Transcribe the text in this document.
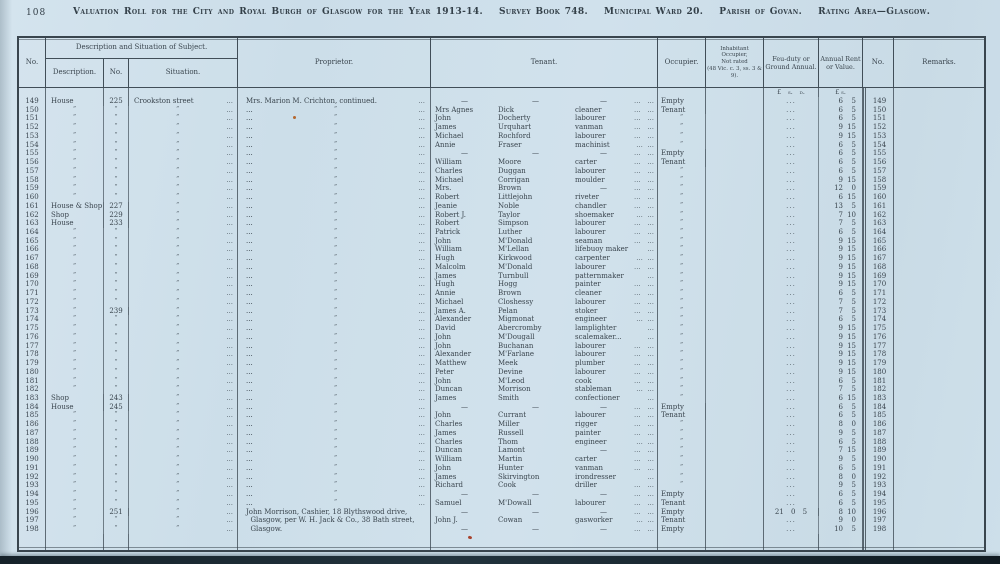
108	Valuation Roll for the City and Royal Burgh of Glasgow for the Year 1913-14. Survey Book 748. Municipal Ward 20. Parish of Govan. Rating Area—Glasgow.
No.
Description and Situation of Subject.
Description.	No.	Situation.
Proprietor.	Tenant.	Occupier.
Inhabitant Occupier,
Not rated
(48 Vic. c. 3, ss. 3 & 9).
Feu-duty or Ground Annual.
Annual Rent or Value.
No.	Remarks.
£ s. d.	£ s.
149	House	225	Crookston street	...	Mrs. Marion M. Crichton, continued.	...	—	—	—	...   ...	Empty	...	6	5	149
150	”	”	”	...	...	”	...	Mrs Agnes	Dick	cleaner	...   ...	Tenant	...	6	5	150
151	”	”	”	...	...	”	...	John	Docherty	labourer	...   ...	”	...	6	5	151
152	”	”	”	...	...	”	...	James	Urquhart	vanman	...   ...	”	...	9 15	152
153	”	”	”	...	...	”	...	Michael	Rochford	labourer	...   ...	”	...	9 15	153
154	”	”	”	...	...	”	...	Annie	Fraser	machinist	...  ...	”	...	6	5	154
155	”	”	”	...	...	”	...	—	—	—	...   ...	Empty	...	6	5	155
156	”	”	”	...	...	”	...	William	Moore	carter	...   ...	Tenant	...	6	5	156
157	”	”	”	...	...	”	...	Charles	Duggan	labourer	...   ...	”	...	6	5	157
158	”	”	”	...	...	”	...	Michael	Corrigan	moulder	...   ...	”	...	9 15	158
159	”	”	”	...	...	”	...	Mrs.	Brown	—	...   ...	”	...	12	0	159
160	”	”	”	...	...	”	...	Robert	Littlejohn	riveter	...   ...	”	...	6 15	160
161	House & Shop	227	”	...	...	”	...	Jeanie	Noble	chandler	...   ...	”	...	13	5	161
162	Shop	229	”	...	...	”	...	Robert J.	Taylor	shoemaker	...  ...	”	...	7 10	162
163	House	233	”	...	...	”	...	Robert	Simpson	labourer	...   ...	”	...	7	5	163
164	”	”	”	...	...	”	...	Patrick	Luther	labourer	...   ...	”	...	6	5	164
165	”	”	”	...	...	”	...	John	M'Donald	seaman	...   ...	”	...	9 15	165
166	”	”	”	...	...	”	...	William	M'Lellan	lifebuoy maker	...	”	...	9 15	166
167	”	”	”	...	...	”	...	Hugh	Kirkwood	carpenter	...  ...	”	...	9 15	167
168	”	”	”	...	...	”	...	Malcolm	M'Donald	labourer	...   ...	”	...	9 15	168
169	”	”	”	...	...	”	...	James	Turnbull	patternmaker	...	”	...	9 15	169
170	”	”	”	...	...	”	...	Hugh	Hogg	painter	...   ...	”	...	9 15	170
171	”	”	”	...	...	”	...	Annie	Brown	cleaner	...   ...	”	...	6	5	171
172	”	”	”	...	...	”	...	Michael	Closhessy	labourer	...   ...	”	...	7	5	172
173	”	239	”	...	...	”	...	James A.	Pelan	stoker	...   ...	”	...	7	5	173
174	”	”	”	...	...	”	...	Alexander	Migmonat	engineer	...  ...	”	...	6	5	174
175	”	”	”	...	...	”	...	David	Abercromby	lamplighter	...	”	...	9 15	175
176	”	”	”	...	...	”	...	John	M'Dougall	scalemaker...	...	”	...	9 15	176
177	”	”	”	...	...	”	...	John	Buchanan	labourer	...   ...	”	...	9 15	177
178	”	”	”	...	...	”	...	Alexander	M'Farlane	labourer	...   ...	”	...	9 15	178
179	”	”	”	...	...	”	...	Matthew	Meek	plumber	...   ...	”	...	9 15	179
180	”	”	”	...	...	”	...	Peter	Devine	labourer	...   ...	”	...	9 15	180
181	”	”	”	...	...	”	...	John	M'Leod	cook	...   ...	”	...	6	5	181
182	”	”	”	...	...	”	...	Duncan	Morrison	stableman	...  ...	”	...	7	5	182
183	Shop	243	”	...	...	”	...	James	Smith	confectioner	...	”	...	6 15	183
184	House	245	”	...	...	”	...	—	—	—	...   ...	Empty	...	6	5	184
185	”	”	”	...	...	”	...	John	Currant	labourer	...   ...	Tenant	...	6	5	185
186	”	”	”	...	...	”	...	Charles	Miller	rigger	...   ...	”	...	8	0	186
187	”	”	”	...	...	”	...	James	Russell	painter	...   ...	”	...	9	5	187
188	”	”	”	...	...	”	...	Charles	Thom	engineer	...  ...	”	...	6	5	188
189	”	”	”	...	...	”	...	Duncan	Lamont	—	...   ...	”	...	7 15	189
190	”	”	”	...	...	”	...	William	Martin	carter	...   ...	”	...	9	5	190
191	”	”	”	...	...	”	...	John	Hunter	vanman	...   ...	”	...	6	5	191
192	”	”	”	...	...	”	...	James	Skirvington	irondresser	...	”	...	8	0	192
193	”	”	”	...	...	”	...	Richard	Cook	driller	...   ...	”	...	9	5	193
194	”	”	”	...	...	”	...	—	—	—	...   ...	Empty	...	6	5	194
195	”	”	”	...	...	”	...	Samuel	M'Dowall	labourer	...   ...	Tenant	...	6	5	195
196	”	251	”	...	John Morrison, Cashier, 18 Blythswood drive,	—	—	—	...   ...	Empty	21 0 5	8 10	196
197	”	”	”	...	Glasgow, per W. H. Jack & Co., 38 Bath street,	John J.	Cowan	gasworker	...  ...	Tenant	...	9	0	197
198	”	”	”	...	Glasgow.	—	—	—	...   ...	Empty	...	10	5	198
